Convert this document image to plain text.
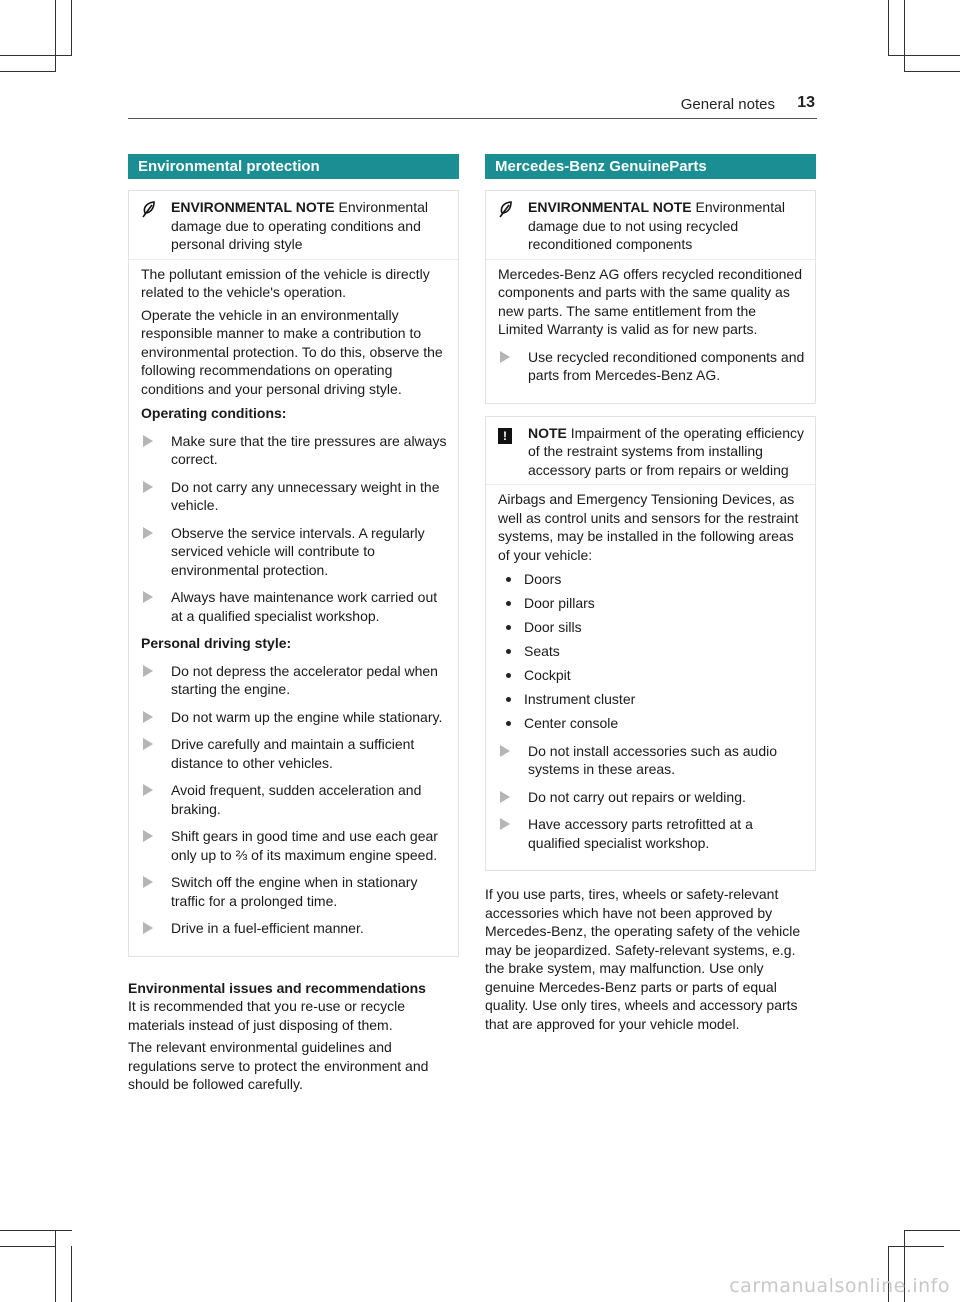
General notes 13
Environmental protection
ENVIRONMENTAL NOTE Environmental damage due to operating conditions and personal driving style

The pollutant emission of the vehicle is directly related to the vehicle's operation.

Operate the vehicle in an environmentally responsible manner to make a contribution to environmental protection. To do this, observe the following recommendations on operating conditions and your personal driving style.

Operating conditions:
Make sure that the tire pressures are always correct.
Do not carry any unnecessary weight in the vehicle.
Observe the service intervals. A regularly serviced vehicle will contribute to environmental protection.
Always have maintenance work carried out at a qualified specialist workshop.
Personal driving style:
Do not depress the accelerator pedal when starting the engine.
Do not warm up the engine while stationary.
Drive carefully and maintain a sufficient distance to other vehicles.
Avoid frequent, sudden acceleration and braking.
Shift gears in good time and use each gear only up to ⅔ of its maximum engine speed.
Switch off the engine when in stationary traffic for a prolonged time.
Drive in a fuel-efficient manner.
Environmental issues and recommendations

It is recommended that you re-use or recycle materials instead of just disposing of them.

The relevant environmental guidelines and regulations serve to protect the environment and should be followed carefully.

Mercedes-Benz GenuineParts
ENVIRONMENTAL NOTE Environmental damage due to not using recycled reconditioned components

Mercedes-Benz AG offers recycled reconditioned components and parts with the same quality as new parts. The same entitlement from the Limited Warranty is valid as for new parts.

Use recycled reconditioned components and parts from Mercedes-Benz AG.
!	NOTE Impairment of the operating efficiency of the restraint systems from installing accessory parts or from repairs or welding

Airbags and Emergency Tensioning Devices, as well as control units and sensors for the restraint systems, may be installed in the following areas of your vehicle:

Doors
Door pillars
Door sills
Seats
Cockpit
Instrument cluster
Center console
Do not install accessories such as audio systems in these areas.
Do not carry out repairs or welding.
Have accessory parts retrofitted at a qualified specialist workshop.

If you use parts, tires, wheels or safety-relevant accessories which have not been approved by Mercedes-Benz, the operating safety of the vehicle may be jeopardized. Safety-relevant systems, e.g. the brake system, may malfunction. Use only genuine Mercedes-Benz parts or parts of equal quality. Use only tires, wheels and accessory parts that are approved for your vehicle model.

carmanualsonline.info
